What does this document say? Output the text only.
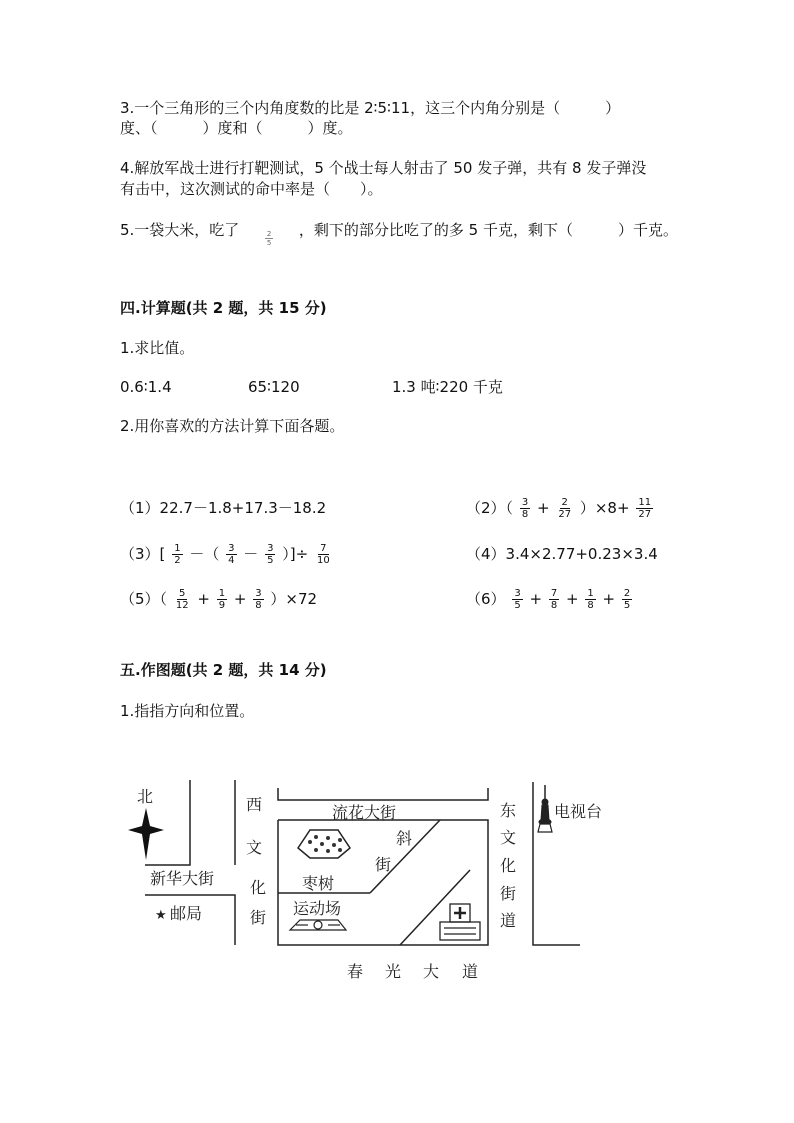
3.一个三角形的三个内角度数的比是 2∶5∶11，这三个内角分别是（　　　）
度、（　　　）度和（　　　）度。
4.解放军战士进行打靶测试，5 个战士每人射击了 50 发子弹，共有 8 发子弹没
有击中，这次测试的命中率是（　　）。
5.一袋大米，吃了	$\frac{2}{5}$ ，剩下的部分比吃了的多 5 千克，剩下（　　　）千克。
四.计算题(共 2 题，共 15 分)
1.求比值。
0.6∶1.4	65∶120	1.3 吨∶220 千克
2.用你喜欢的方法计算下面各题。
（1）22.7－1.8+17.3－18.2	$(2)( \frac{3}{8} + \frac{2}{27} )\times 8+ \frac{11}{27}$
$(3)[ \frac{1}{2}$ －（ $\frac{3}{4} - \frac{3}{5}$ ）]÷ $\frac{7}{10}$	（4）3.4×2.77+0.23×3.4
$(5)( \frac{5}{12} + \frac{1}{9} + \frac{3}{8} )\times 72$	$(6) \frac{3}{5} + \frac{7}{8} + \frac{1}{8} + \frac{2}{5}$
五.作图题(共 2 题，共 14 分)
1.指指方向和位置。
北	西
文
化
街
流花大街
斜
街
枣树
运动场
新华大街
★ 邮局
东
文
化
街
道
电视台
春 光 大 道
